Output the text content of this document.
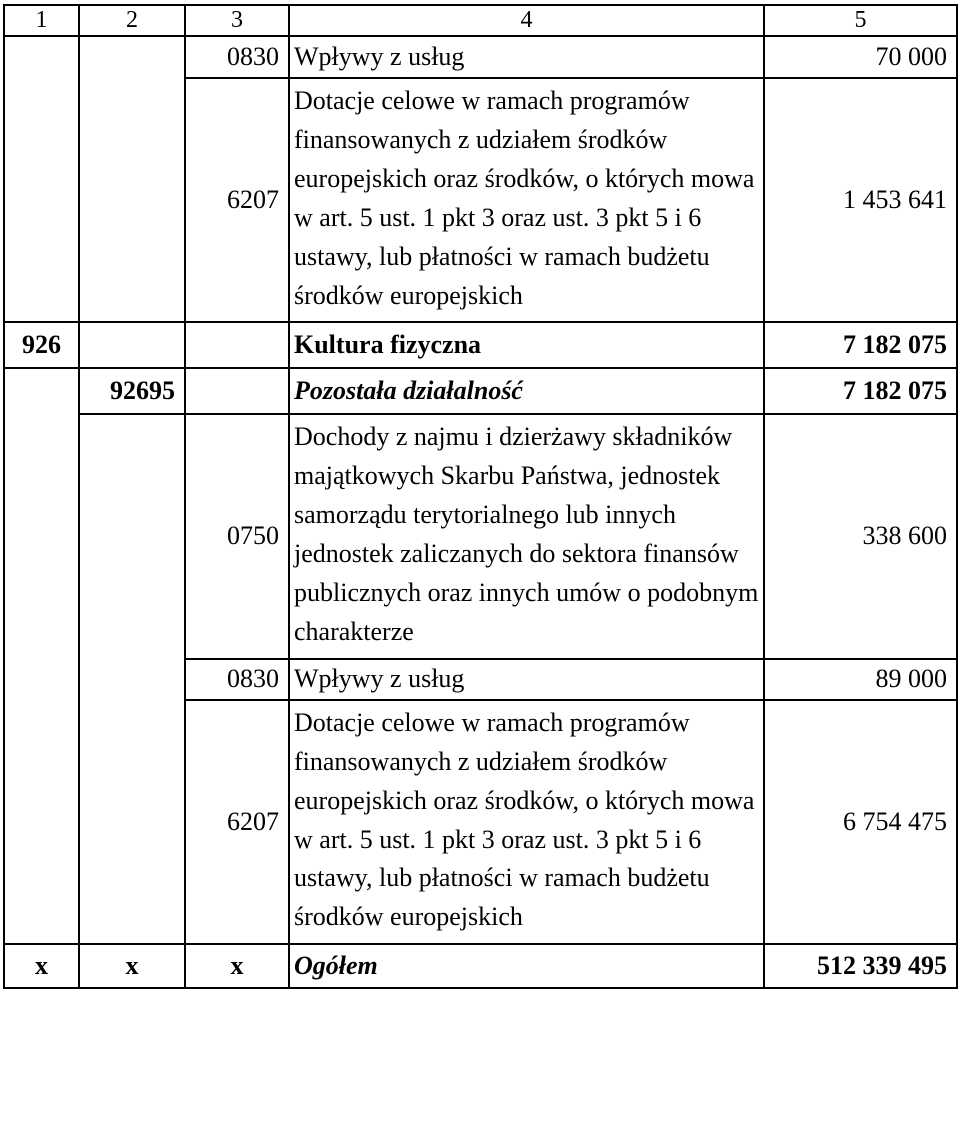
1	2	3	4	5
		0830	Wpływy z usług	70 000
		6207	Dotacje celowe w ramach programów finansowanych z udziałem środków europejskich oraz środków, o których mowa w art. 5 ust. 1 pkt 3 oraz ust. 3 pkt 5 i 6 ustawy, lub płatności w ramach budżetu środków europejskich	1 453 641
926			Kultura fizyczna	7 182 075
	92695		Pozostała działalność	7 182 075
		0750	Dochody z najmu i dzierżawy składników majątkowych Skarbu Państwa, jednostek samorządu terytorialnego lub innych jednostek zaliczanych do sektora finansów publicznych oraz innych umów o podobnym charakterze	338 600
		0830	Wpływy z usług	89 000
		6207	Dotacje celowe w ramach programów finansowanych z udziałem środków europejskich oraz środków, o których mowa w art. 5 ust. 1 pkt 3 oraz ust. 3 pkt 5 i 6 ustawy, lub płatności w ramach budżetu środków europejskich	6 754 475
x	x	x	Ogółem	512 339 495
